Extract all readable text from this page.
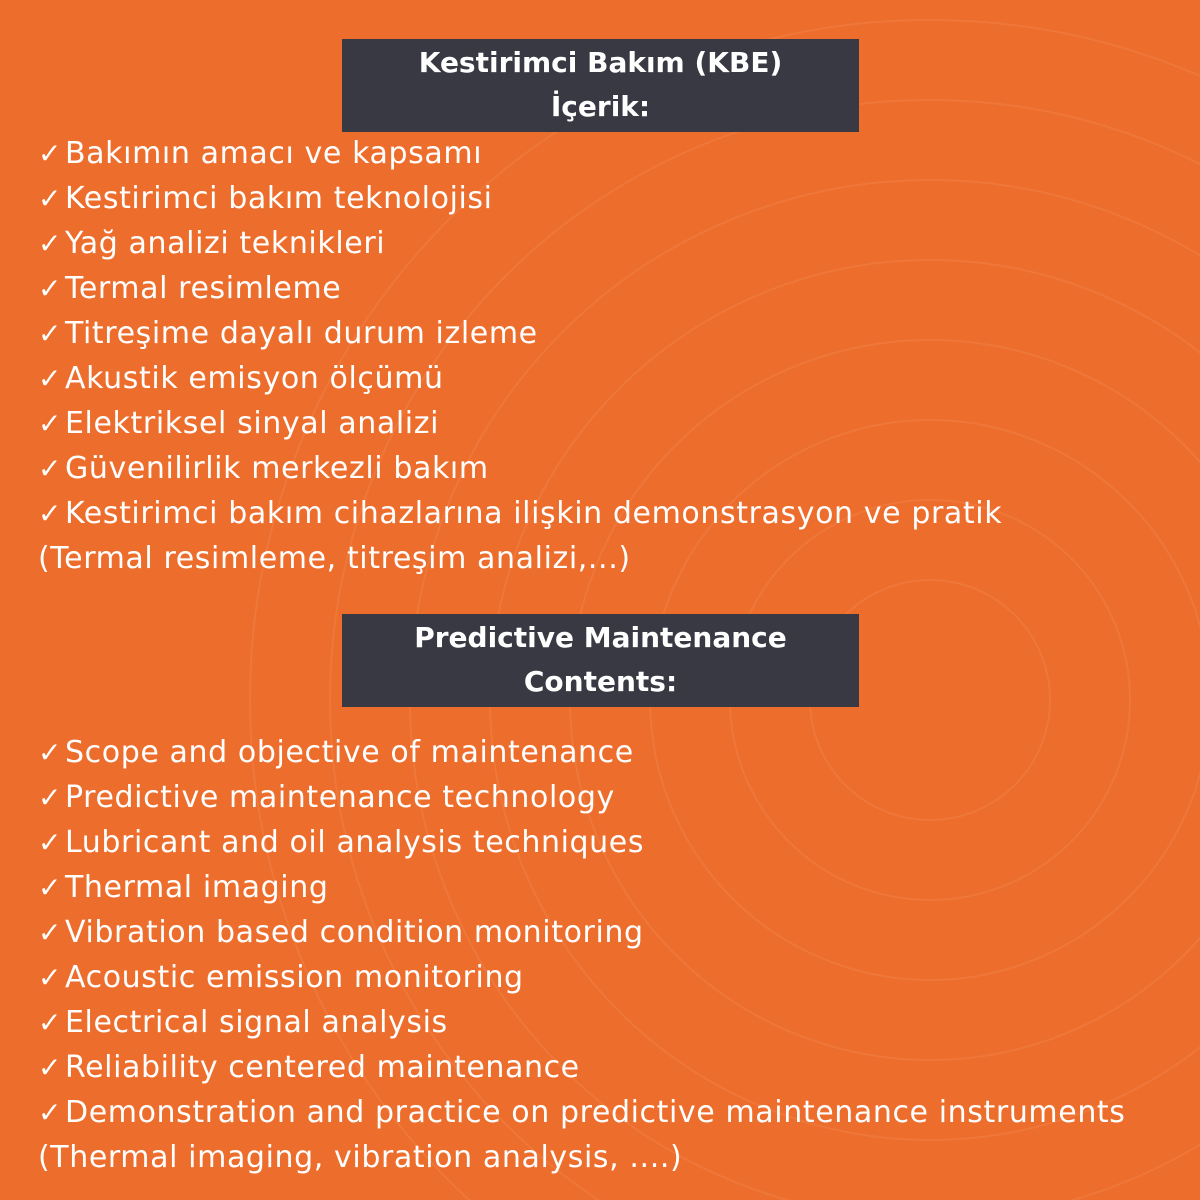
Kestirimci Bakım (KBE)
İçerik:
✓Bakımın amacı ve kapsamı
✓Kestirimci bakım teknolojisi
✓Yağ analizi teknikleri
✓Termal resimleme
✓Titreşime dayalı durum izleme
✓Akustik emisyon ölçümü
✓Elektriksel sinyal analizi
✓Güvenilirlik merkezli bakım
✓Kestirimci bakım cihazlarına ilişkin demonstrasyon ve pratik
(Termal resimleme, titreşim analizi,...)
Predictive Maintenance
Contents:
✓Scope and objective of maintenance
✓Predictive maintenance technology
✓Lubricant and oil analysis techniques
✓Thermal imaging
✓Vibration based condition monitoring
✓Acoustic emission monitoring
✓Electrical signal analysis
✓Reliability centered maintenance
✓Demonstration and practice on predictive maintenance instruments
(Thermal imaging, vibration analysis, ....)
